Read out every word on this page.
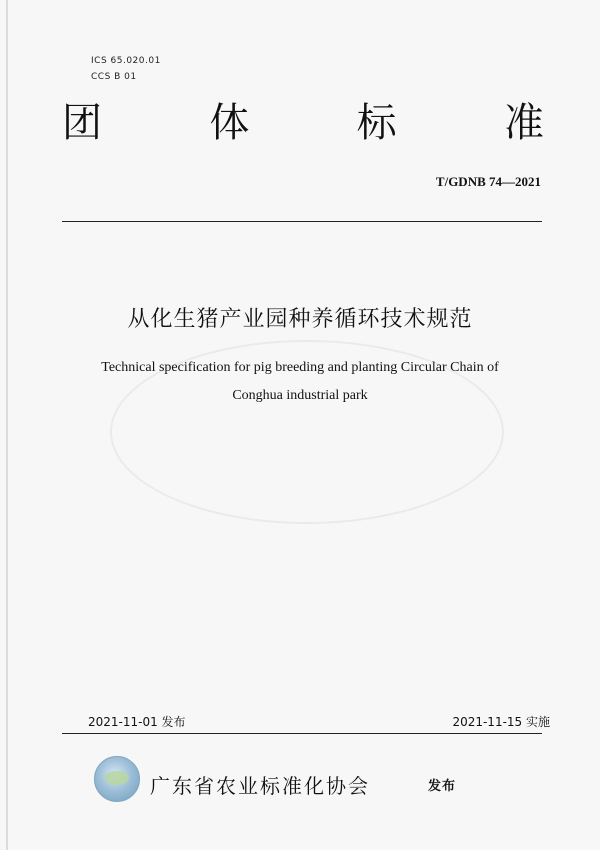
ICS 65.020.01
CCS B 01
团	体	标	准
T/GDNB 74—2021
从化生猪产业园种养循环技术规范
Technical specification for pig breeding and planting Circular Chain of
Conghua industrial park
2021-11-01 发布	2021-11-15 实施
广东省农业标准化协会	发布
